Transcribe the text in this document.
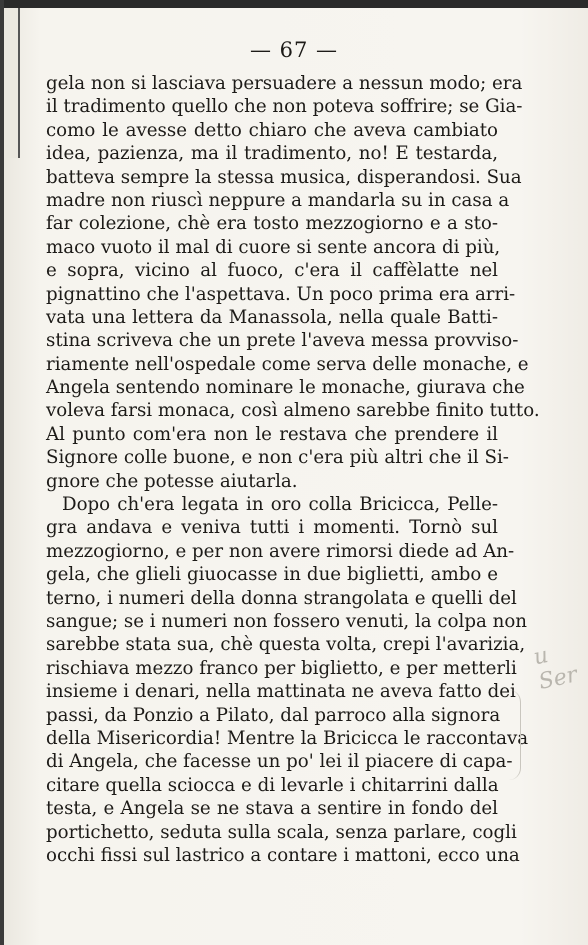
— 67 —
gela non si lasciava persuadere a nessun modo; era
il tradimento quello che non poteva soffrire; se Gia-
como le avesse detto chiaro che aveva cambiato
idea, pazienza, ma il tradimento, no! E testarda,
batteva sempre la stessa musica, disperandosi. Sua
madre non riuscì neppure a mandarla su in casa a
far colezione, chè era tosto mezzogiorno e a sto-
maco vuoto il mal di cuore si sente ancora di più,
e sopra, vicino al fuoco, c'era il caffèlatte nel
pignattino che l'aspettava. Un poco prima era arri-
vata una lettera da Manassola, nella quale Batti-
stina scriveva che un prete l'aveva messa provviso-
riamente nell'ospedale come serva delle monache, e
Angela sentendo nominare le monache, giurava che
voleva farsi monaca, così almeno sarebbe finito tutto.
Al punto com'era non le restava che prendere il
Signore colle buone, e non c'era più altri che il Si-
gnore che potesse aiutarla.
Dopo ch'era legata in oro colla Bricicca, Pelle-
gra andava e veniva tutti i momenti. Tornò sul
mezzogiorno, e per non avere rimorsi diede ad An-
gela, che glieli giuocasse in due biglietti, ambo e
terno, i numeri della donna strangolata e quelli del
sangue; se i numeri non fossero venuti, la colpa non
sarebbe stata sua, chè questa volta, crepi l'avarizia,
rischiava mezzo franco per biglietto, e per metterli
insieme i denari, nella mattinata ne aveva fatto dei
passi, da Ponzio a Pilato, dal parroco alla signora
della Misericordia! Mentre la Bricicca le raccontava
di Angela, che facesse un po' lei il piacere di capa-
citare quella sciocca e di levarle i chitarrini dalla
testa, e Angela se ne stava a sentire in fondo del
portichetto, seduta sulla scala, senza parlare, cogli
occhi fissi sul lastrico a contare i mattoni, ecco una
u Ser
